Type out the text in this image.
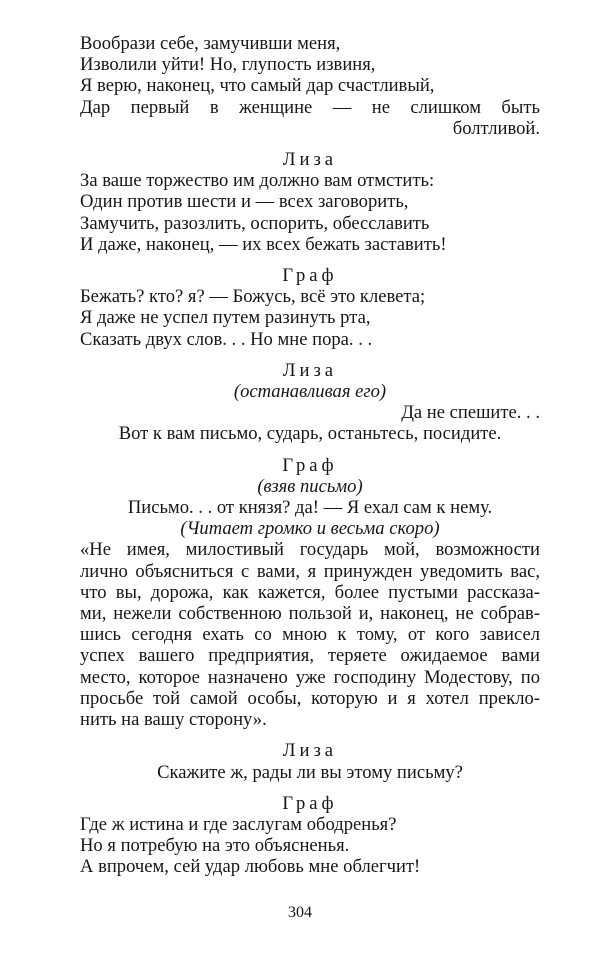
Вообрази себе, замучивши меня,
Изволили уйти! Но, глупость извиня,
Я верю, наконец, что самый дар счастливый,
Дар первый в женщине — не слишком быть
болтливой.
Лиза
За ваше торжество им должно вам отмстить:
Один против шести и — всех заговорить,
Замучить, разозлить, оспорить, обесславить
И даже, наконец, — их всех бежать заставить!
Граф
Бежать? кто? я? — Божусь, всё это клевета;
Я даже не успел путем разинуть рта,
Сказать двух слов. . . Но мне пора. . .
Лиза
(останавливая его)
Да не спешите. . .
Вот к вам письмо, сударь, останьтесь, посидите.
Граф
(взяв письмо)
Письмо. . . от князя? да! — Я ехал сам к нему.
(Читает громко и весьма скоро)
«Не имея, милостивый государь мой, возможности
лично объясниться с вами, я принужден уведомить вас,
что вы, дорожа, как кажется, более пустыми рассказа-
ми, нежели собственною пользой и, наконец, не собрав-
шись сегодня ехать со мною к тому, от кого зависел
успех вашего предприятия, теряете ожидаемое вами
место, которое назначено уже господину Модестову, по
просьбе той самой особы, которую и я хотел преклo-
нить на вашу сторону».
Лиза
Скажите ж, рады ли вы этому письму?
Граф
Где ж истина и где заслугам ободренья?
Но я потребую на это объясненья.
А впрочем, сей удар любовь мне облегчит!
304
